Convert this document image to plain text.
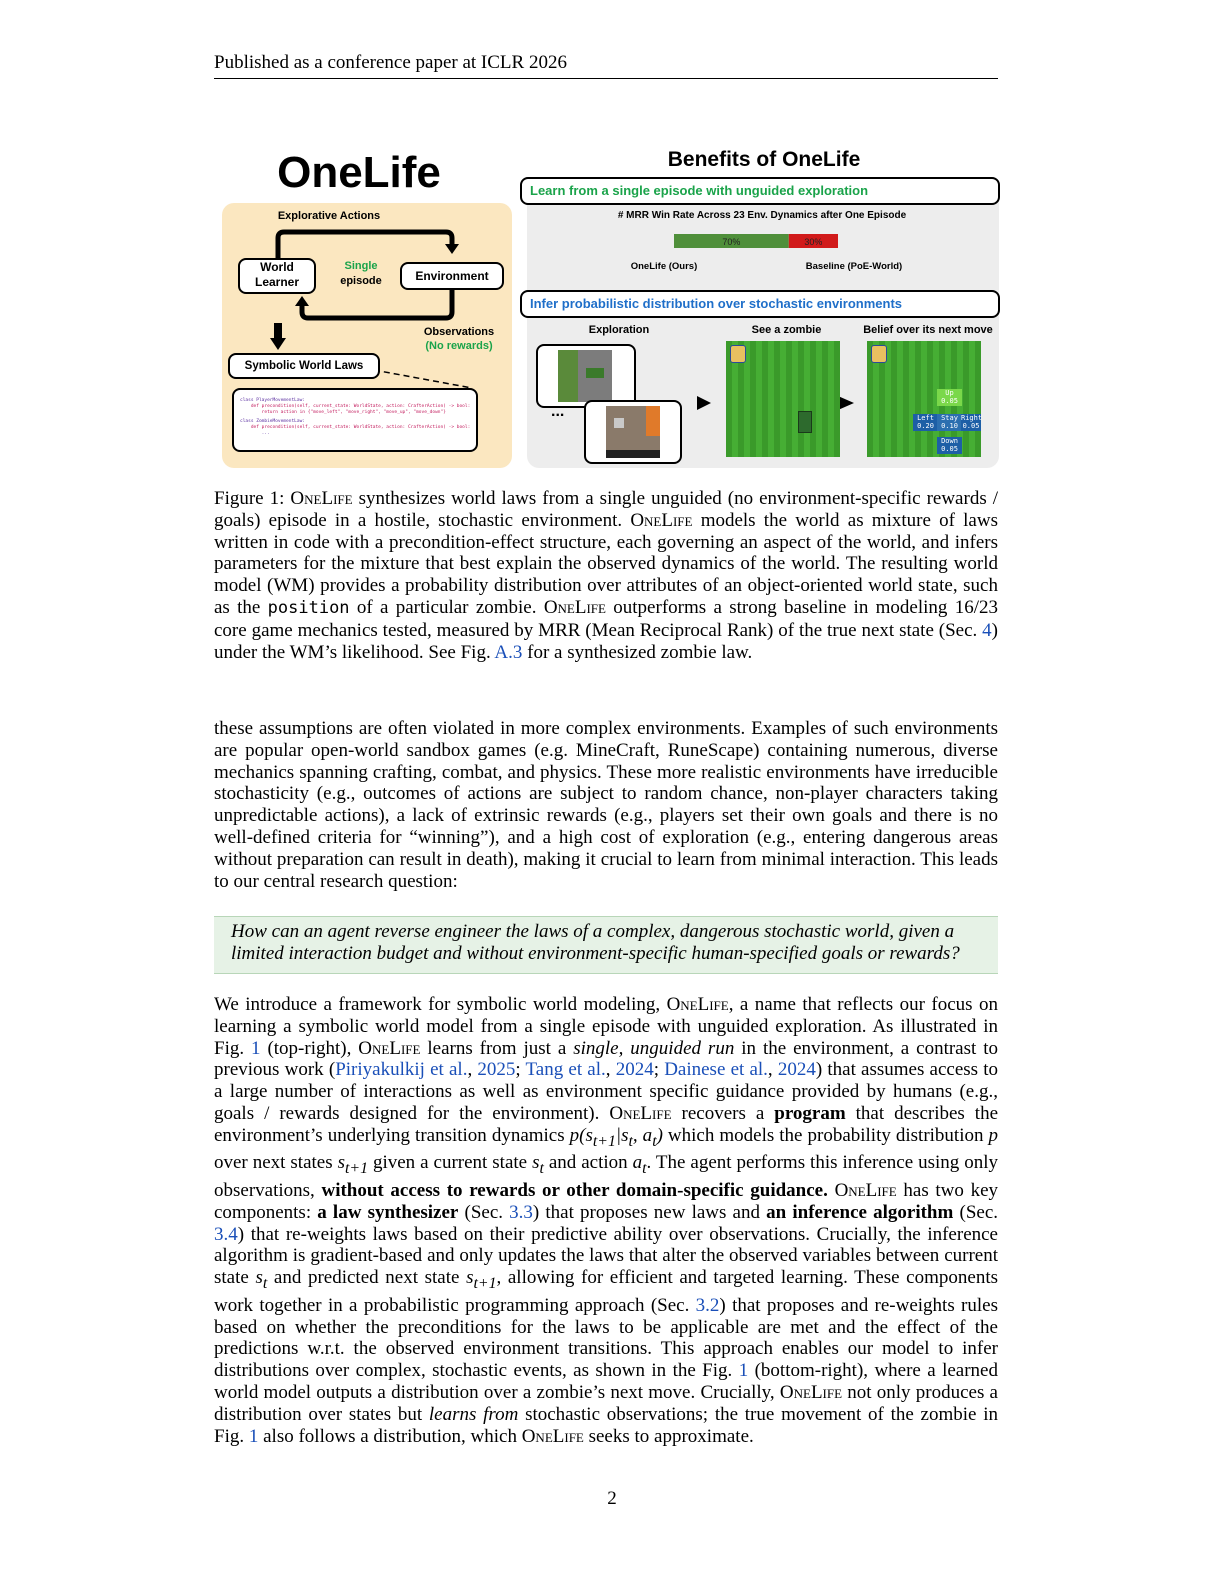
Published as a conference paper at ICLR 2026
OneLife
Explorative Actions
World
Learner
Single
episode	Environment
Observations
(No rewards)
Symbolic World Laws
class PlayerMovementLaw:
def precondition(self, current_state: WorldState, action: CrafterAction) -> bool:
return action in {"move_left", "move_right", "move_up", "move_down"}
class ZombieMovementLaw:
def precondition(self, current_state: WorldState, action: CrafterAction) -> bool:
...
Benefits of OneLife
Learn from a single episode with unguided exploration
# MRR Win Rate Across 23 Env. Dynamics after One Episode
70%	30%
OneLife (Ours)	Baseline (PoE-World)
Infer probabilistic distribution over stochastic environments
Exploration	See a zombie	Belief over its next move
...
Up
0.05
Left
0.20
Stay
0.10
Right
0.05
Down
0.05
Figure 1: OneLife synthesizes world laws from a single unguided (no environment-specific rewards / goals) episode in a hostile, stochastic environment. OneLife models the world as mixture of laws written in code with a precondition-effect structure, each governing an aspect of the world, and infers parameters for the mixture that best explain the observed dynamics of the world. The resulting world model (WM) provides a probability distribution over attributes of an object-oriented world state, such as the position of a particular zombie. OneLife outperforms a strong baseline in modeling 16/23 core game mechanics tested, measured by MRR (Mean Reciprocal Rank) of the true next state (Sec. 4) under the WM’s likelihood. See Fig. A.3 for a synthesized zombie law.
these assumptions are often violated in more complex environments. Examples of such environments are popular open-world sandbox games (e.g. MineCraft, RuneScape) containing numerous, diverse mechanics spanning crafting, combat, and physics. These more realistic environments have irreducible stochasticity (e.g., outcomes of actions are subject to random chance, non-player characters taking unpredictable actions), a lack of extrinsic rewards (e.g., players set their own goals and there is no well-defined criteria for “winning”), and a high cost of exploration (e.g., entering dangerous areas without preparation can result in death), making it crucial to learn from minimal interaction. This leads to our central research question:
How can an agent reverse engineer the laws of a complex, dangerous stochastic world, given a limited interaction budget and without environment-specific human-specified goals or rewards?
We introduce a framework for symbolic world modeling, OneLife, a name that reflects our focus on learning a symbolic world model from a single episode with unguided exploration. As illustrated in Fig. 1 (top-right), OneLife learns from just a single, unguided run in the environment, a contrast to previous work (Piriyakulkij et al., 2025; Tang et al., 2024; Dainese et al., 2024) that assumes access to a large number of interactions as well as environment specific guidance provided by humans (e.g., goals / rewards designed for the environment). OneLife recovers a program that describes the environment’s underlying transition dynamics $p(s_{t+1}|s_t$, $a_t$) which models the probability distribution p over next states $s_{t+1}$ given a current state $s_t$ and action $a_t$. The agent performs this inference using only observations, without access to rewards or other domain-specific guidance. OneLife has two key components: a law synthesizer (Sec. 3.3) that proposes new laws and an inference algorithm (Sec. 3.4) that re-weights laws based on their predictive ability over observations. Crucially, the inference algorithm is gradient-based and only updates the laws that alter the observed variables between current state $s_t$ and predicted next state $s_{t+1}$, allowing for efficient and targeted learning. These components work together in a probabilistic programming approach (Sec. 3.2) that proposes and re-weights rules based on whether the preconditions for the laws to be applicable are met and the effect of the predictions w.r.t. the observed environment transitions. This approach enables our model to infer distributions over complex, stochastic events, as shown in the Fig. 1 (bottom-right), where a learned world model outputs a distribution over a zombie’s next move. Crucially, OneLife not only produces a distribution over states but learns from stochastic observations; the true movement of the zombie in Fig. 1 also follows a distribution, which OneLife seeks to approximate.
2
